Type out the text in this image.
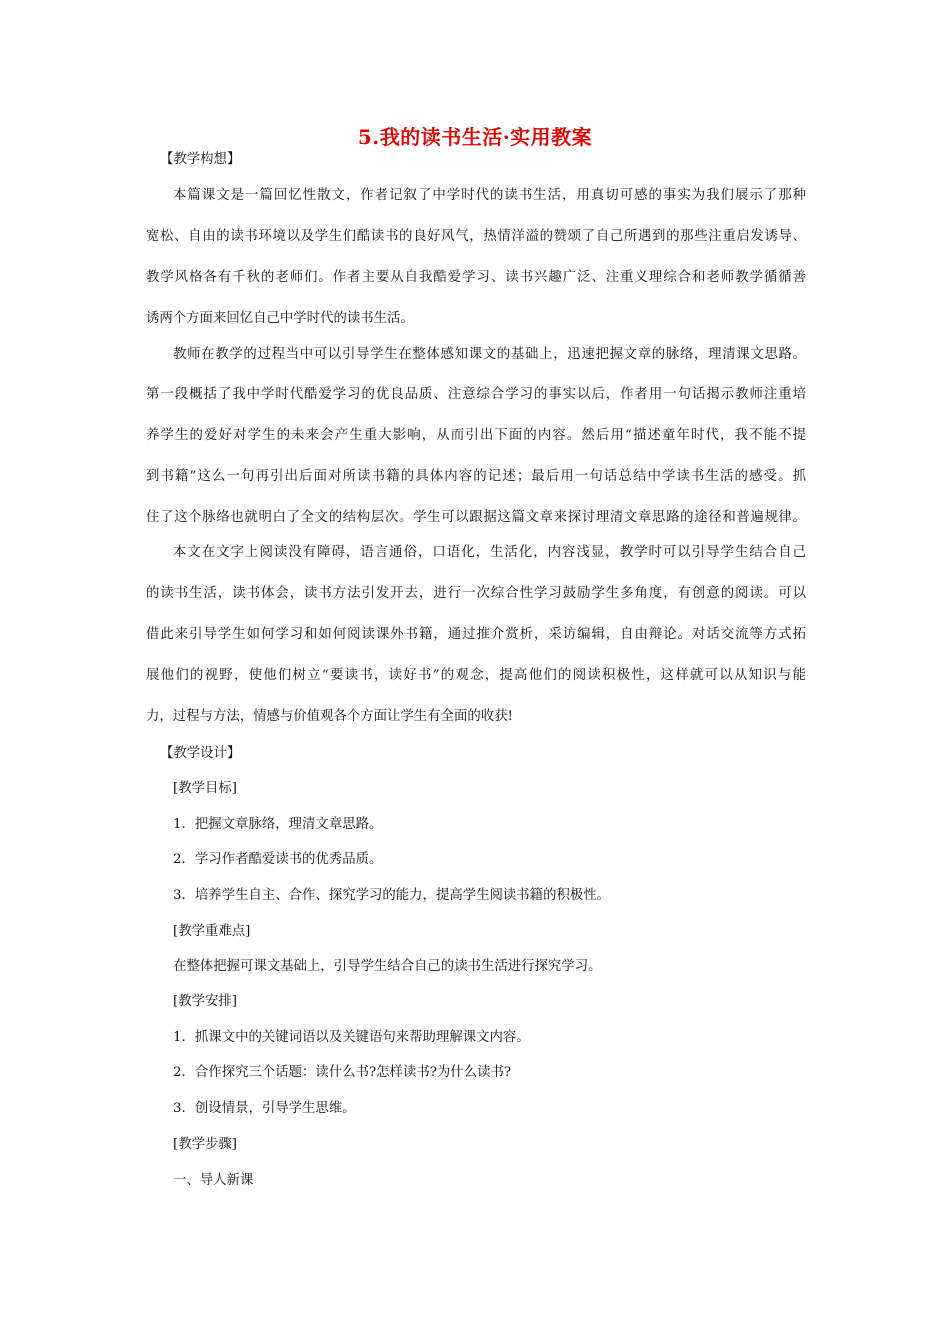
5.我的读书生活·实用教案
【教学构想】
本篇课文是一篇回忆性散文，作者记叙了中学时代的读书生活，用真切可感的事实为我们展示了那种
宽松、自由的读书环境以及学生们酷读书的良好风气，热情洋溢的赞颂了自己所遇到的那些注重启发诱导、
教学风格各有千秋的老师们。作者主要从自我酷爱学习、读书兴趣广泛、注重义理综合和老师教学循循善
诱两个方面来回忆自己中学时代的读书生活。
教师在教学的过程当中可以引导学生在整体感知课文的基础上，迅速把握文章的脉络，理清课文思路。
第一段概括了我中学时代酷爱学习的优良品质、注意综合学习的事实以后，作者用一句话揭示教师注重培
养学生的爱好对学生的未来会产生重大影响，从而引出下面的内容。然后用“描述童年时代，我不能不提
到书籍”这么一句再引出后面对所读书籍的具体内容的记述；最后用一句话总结中学读书生活的感受。抓
住了这个脉络也就明白了全文的结构层次。学生可以跟据这篇文章来探讨理清文章思路的途径和普遍规律。
本文在文字上阅读没有障碍，语言通俗，口语化，生活化，内容浅显，教学时可以引导学生结合自己
的读书生活，读书体会，读书方法引发开去，进行一次综合性学习鼓励学生多角度，有创意的阅读。可以
借此来引导学生如何学习和如何阅读课外书籍，通过推介赏析，采访编辑，自由辩论。对话交流等方式拓
展他们的视野，使他们树立“要读书，读好书”的观念，提高他们的阅读积极性，这样就可以从知识与能
力，过程与方法，情感与价值观各个方面让学生有全面的收获!
【教学设计】
[教学目标]
1．把握文章脉络，理清文章思路。
2．学习作者酷爱读书的优秀品质。
3．培养学生自主、合作、探究学习的能力，提高学生阅读书籍的积极性。
[教学重难点]
在整体把握可课文基础上，引导学生结合自己的读书生活进行探究学习。
[教学安排]
1．抓课文中的关键词语以及关键语句来帮助理解课文内容。
2．合作探究三个话题：读什么书?怎样读书?为什么读书?
3．创设情景，引导学生思维。
[教学步骤]
一、导人新课
